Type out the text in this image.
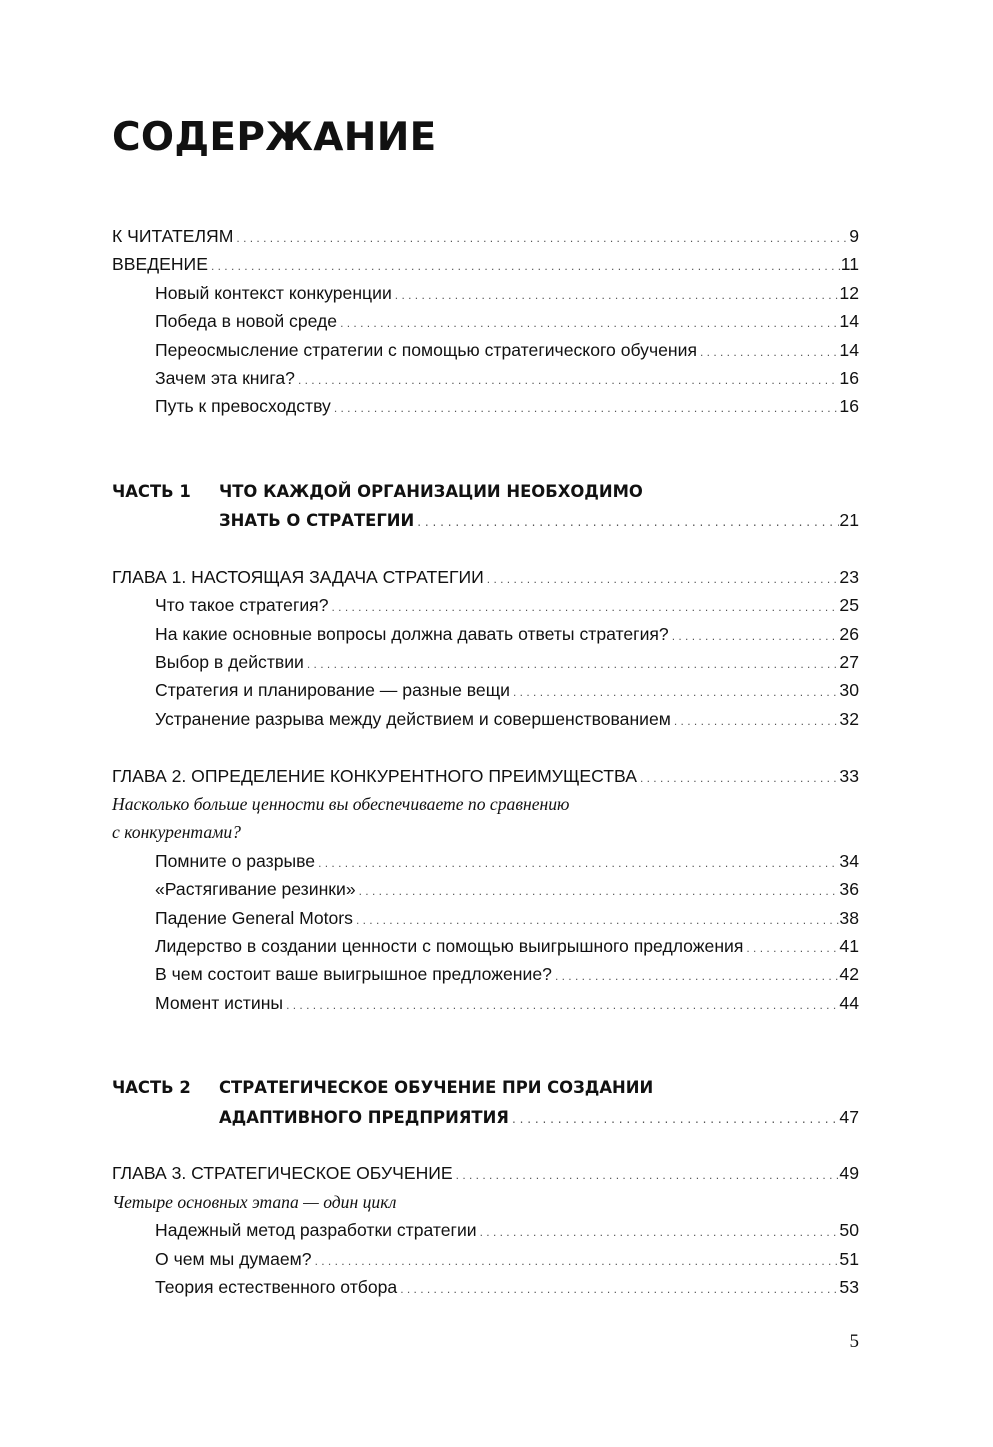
СОДЕРЖАНИЕ
К ЧИТАТЕЛЯМ . . .	9
ВВЕДЕНИЕ . . .	11
Новый контекст конкуренции . . .	12
Победа в новой среде . . .	14
Переосмысление стратегии с помощью стратегического обучения . . .	14
Зачем эта книга? . . .	16
Путь к превосходству . . .	16
ЧАСТЬ 1	ЧТО КАЖДОЙ ОРГАНИЗАЦИИ НЕОБХОДИМО
ЗНАТЬ О СТРАТЕГИИ . . .	21
ГЛАВА 1. НАСТОЯЩАЯ ЗАДАЧА СТРАТЕГИИ . . .	23
Что такое стратегия? . . .	25
На какие основные вопросы должна давать ответы стратегия? . . .	26
Выбор в действии . . .	27
Стратегия и планирование — разные вещи . . .	30
Устранение разрыва между действием и совершенствованием . . .	32
ГЛАВА 2. ОПРЕДЕЛЕНИЕ КОНКУРЕНТНОГО ПРЕИМУЩЕСТВА . . .	33
Насколько больше ценности вы обеспечиваете по сравнению
с конкурентами?
Помните о разрыве . . .	34
«Растягивание резинки» . . .	36
Падение General Motors . . .	38
Лидерство в создании ценности с помощью выигрышного предложения . . .	41
В чем состоит ваше выигрышное предложение? . . .	42
Момент истины . . .	44
ЧАСТЬ 2	СТРАТЕГИЧЕСКОЕ ОБУЧЕНИЕ ПРИ СОЗДАНИИ
АДАПТИВНОГО ПРЕДПРИЯТИЯ . . .	47
ГЛАВА 3. СТРАТЕГИЧЕСКОЕ ОБУЧЕНИЕ . . .	49
Четыре основных этапа — один цикл
Надежный метод разработки стратегии . . .	50
О чем мы думаем? . . .	51
Теория естественного отбора . . .	53
5
